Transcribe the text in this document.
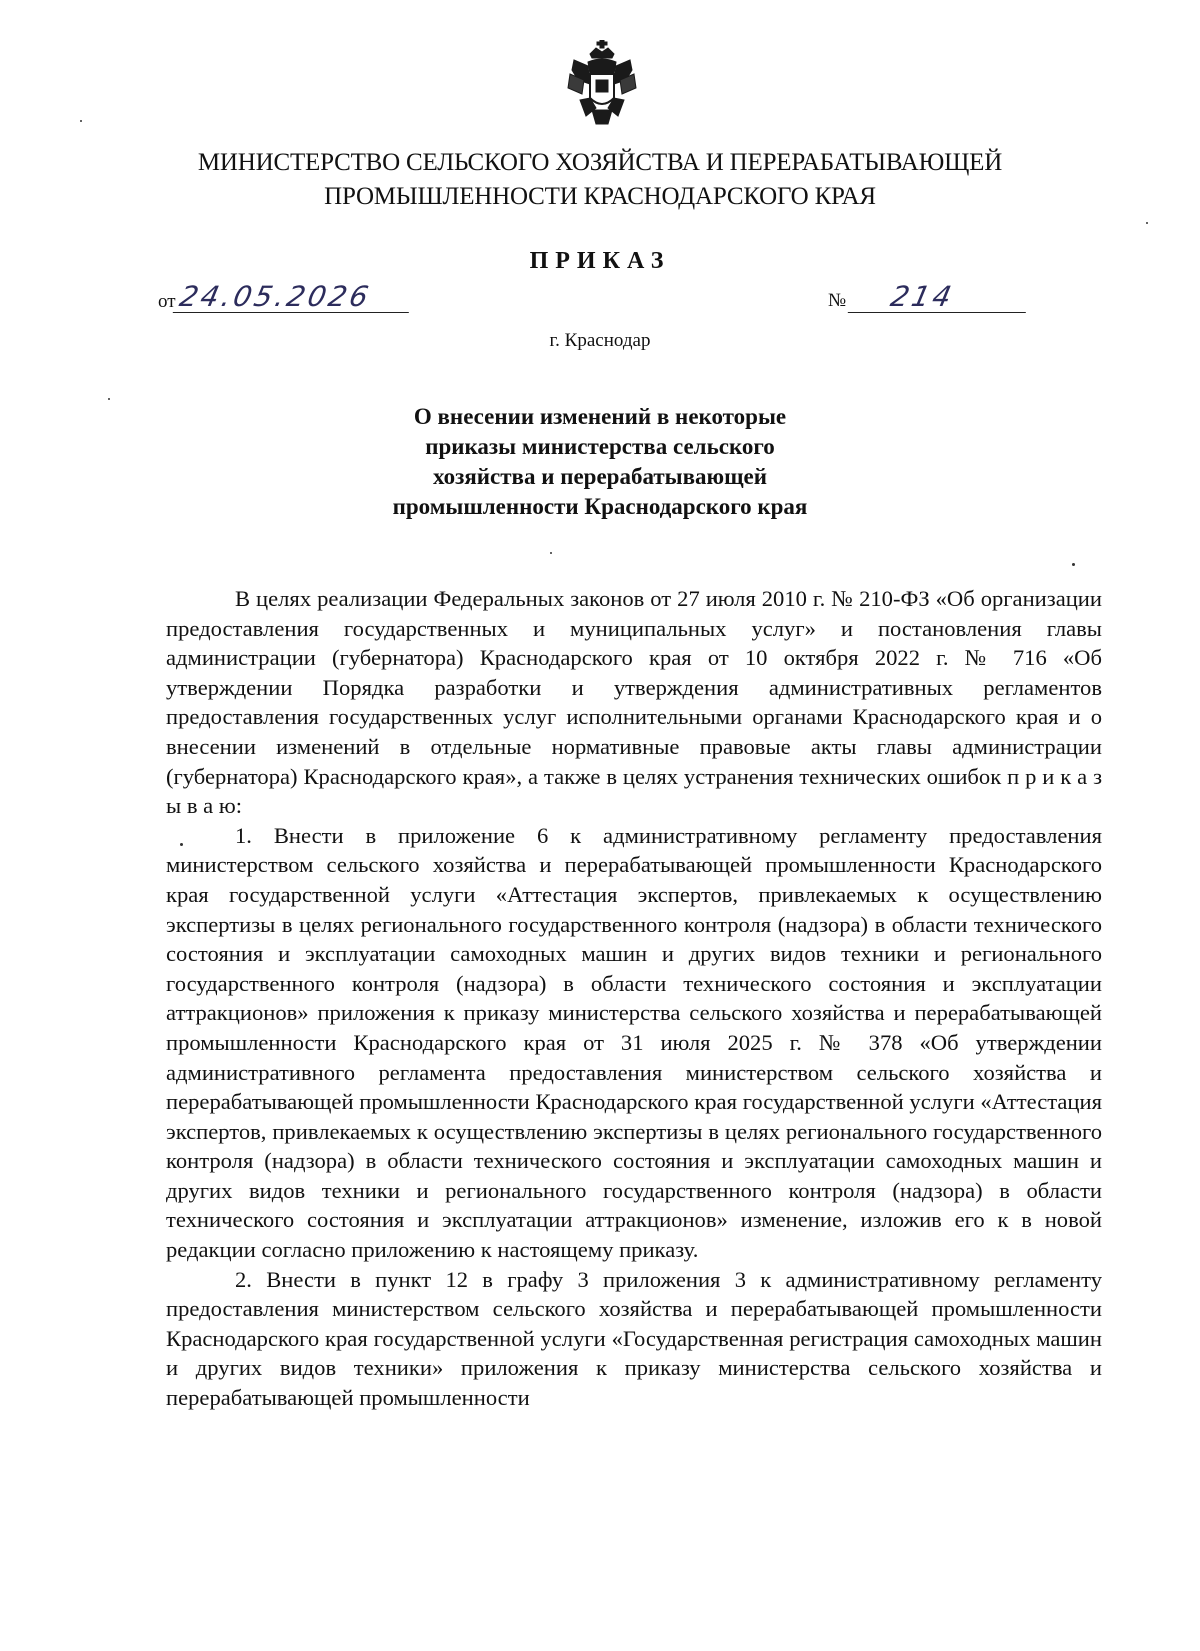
МИНИСТЕРСТВО СЕЛЬСКОГО ХОЗЯЙСТВА И ПЕРЕРАБАТЫВАЮЩЕЙ
ПРОМЫШЛЕННОСТИ КРАСНОДАРСКОГО КРАЯ
ПРИКАЗ
от24.05.2026	№ 214
г. Краснодар
О внесении изменений в некоторые
приказы министерства сельского
хозяйства и перерабатывающей
промышленности Краснодарского края

В целях реализации Федеральных законов от 27 июля 2010 г. № 210-ФЗ «Об организации предоставления государственных и муниципальных услуг» и постановления главы администрации (губернатора) Краснодарского края от 10 октября 2022 г. № 716 «Об утверждении Порядка разработки и утверждения административных регламентов предоставления государственных услуг исполнительными органами Краснодарского края и о внесении изменений в отдельные нормативные правовые акты главы администрации (губернатора) Краснодарского края», а также в целях устранения технических ошибок п р и к а з ы в а ю:

1. Внести в приложение 6 к административному регламенту предоставления министерством сельского хозяйства и перерабатывающей промышленности Краснодарского края государственной услуги «Аттестация экспертов, привлекаемых к осуществлению экспертизы в целях регионального государственного контроля (надзора) в области технического состояния и эксплуатации самоходных машин и других видов техники и регионального государственного контроля (надзора) в области технического состояния и эксплуатации аттракционов» приложения к приказу министерства сельского хозяйства и перерабатывающей промышленности Краснодарского края от 31 июля 2025 г. № 378 «Об утверждении административного регламента предоставления министерством сельского хозяйства и перерабатывающей промышленности Краснодарского края государственной услуги «Аттестация экспертов, привлекаемых к осуществлению экспертизы в целях регионального государственного контроля (надзора) в области технического состояния и эксплуатации самоходных машин и других видов техники и регионального государственного контроля (надзора) в области технического состояния и эксплуатации аттракционов» изменение, изложив его к в новой редакции согласно приложению к настоящему приказу.

2. Внести в пункт 12 в графу 3 приложения 3 к административному регламенту предоставления министерством сельского хозяйства и перерабатывающей промышленности Краснодарского края государственной услуги «Государственная регистрация самоходных машин и других видов техники» приложения к приказу министерства сельского хозяйства и перерабатывающей промышленности
